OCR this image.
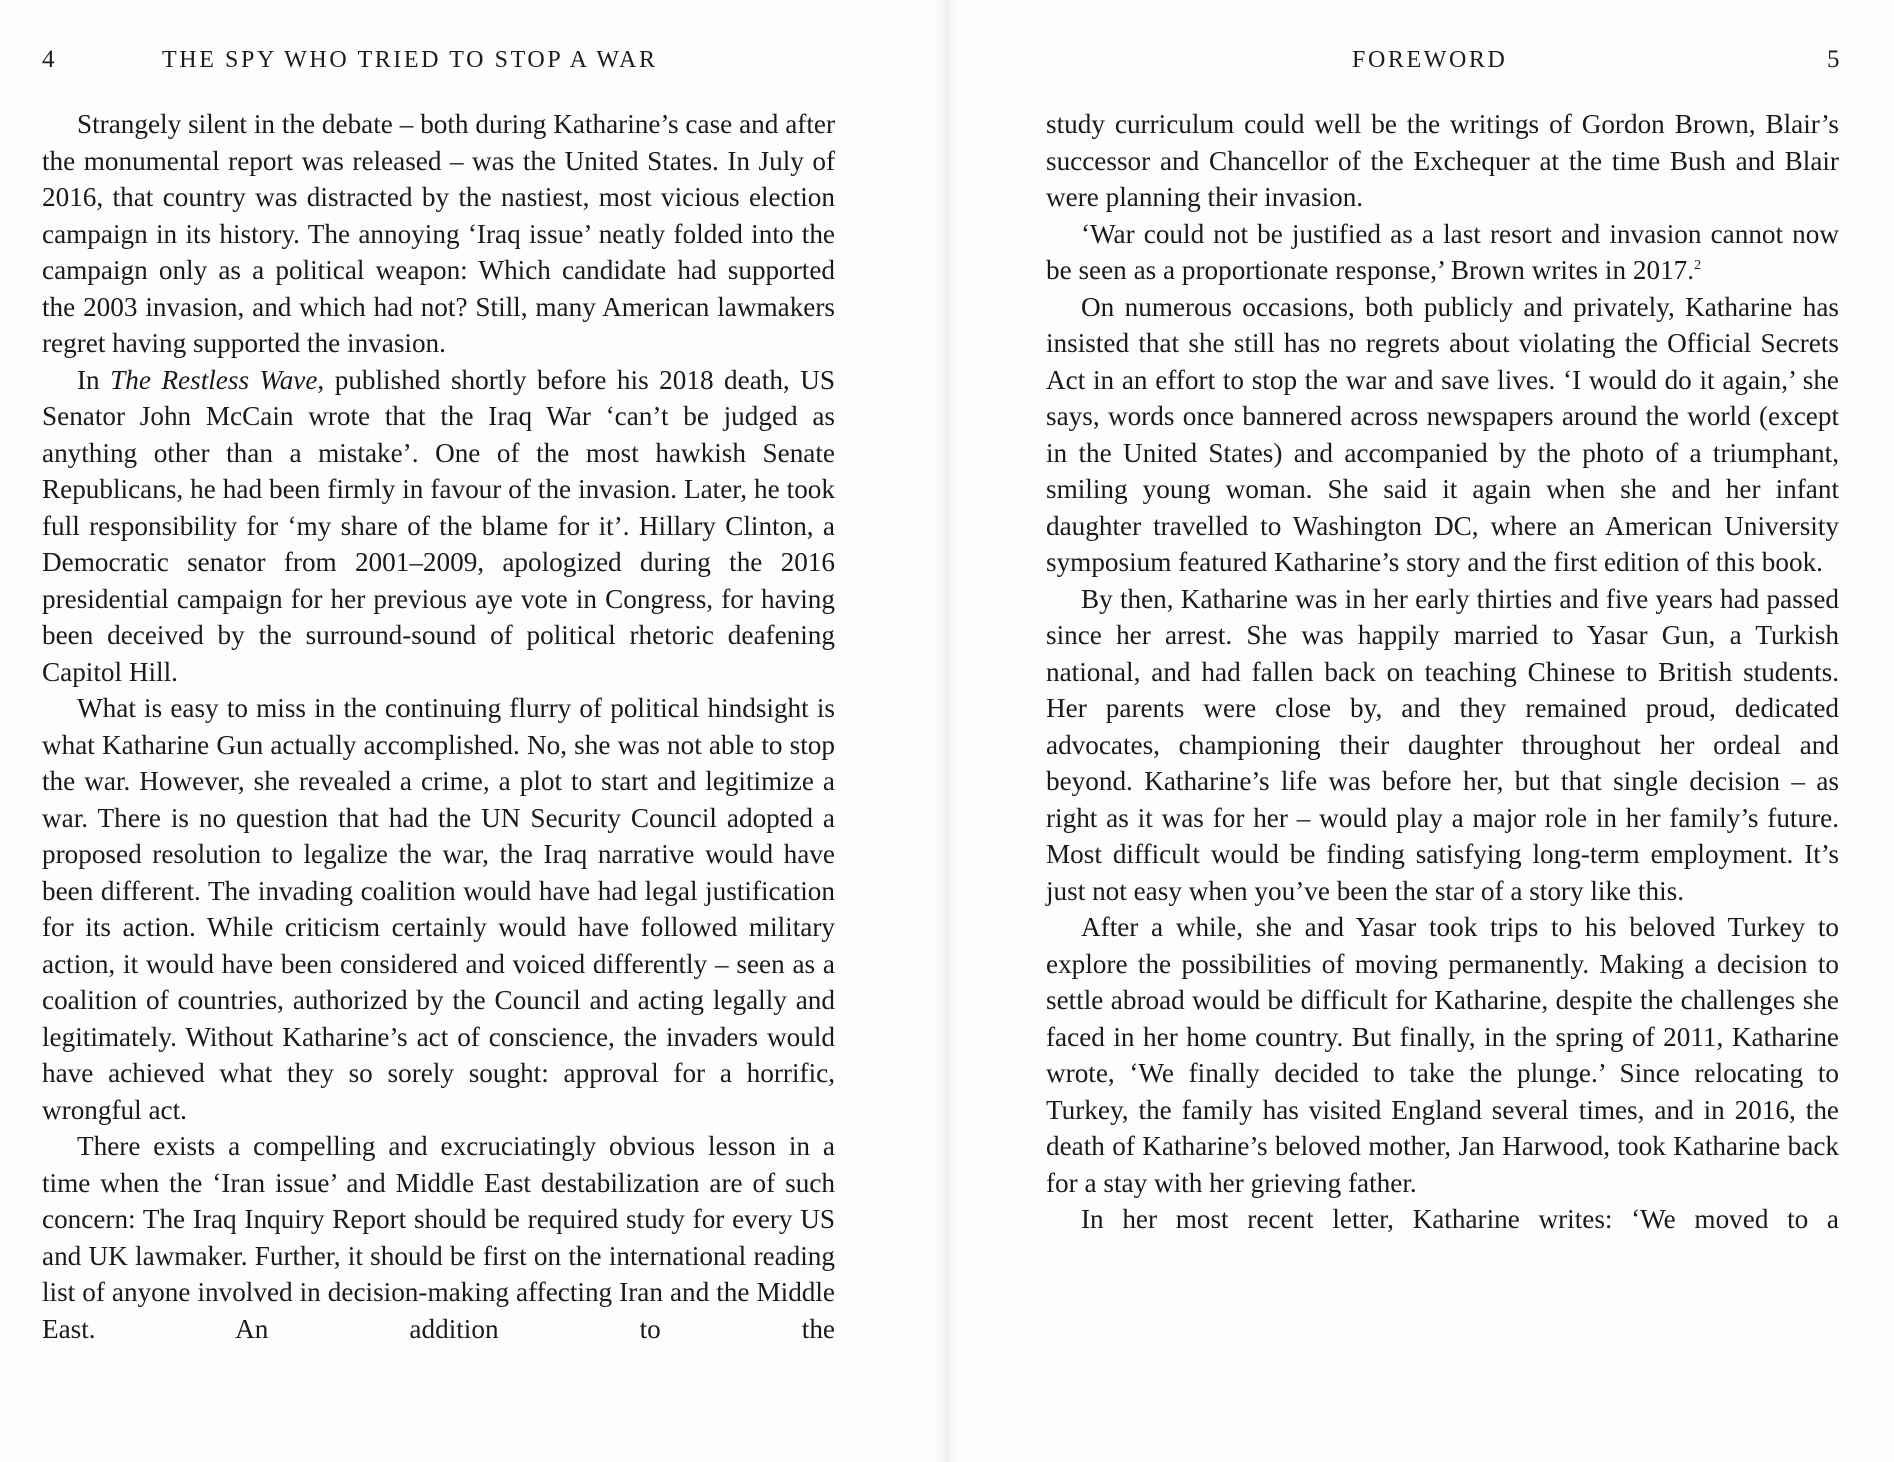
4	THE SPY WHO TRIED TO STOP A WAR

Strangely silent in the debate – both during Katharine’s case and after the monumental report was released – was the United States. In July of 2016, that country was distracted by the nastiest, most vicious election campaign in its history. The annoying ‘Iraq issue’ neatly folded into the campaign only as a political weapon: Which candidate had supported the 2003 invasion, and which had not? Still, many American lawmakers regret having supported the invasion.

In The Restless Wave, published shortly before his 2018 death, US Senator John McCain wrote that the Iraq War ‘can’t be judged as anything other than a mistake’. One of the most hawkish Senate Republicans, he had been firmly in favour of the invasion. Later, he took full responsibility for ‘my share of the blame for it’. Hillary Clinton, a Democratic senator from 2001–2009, apologized during the 2016 presidential campaign for her previous aye vote in Congress, for having been deceived by the surround-sound of political rhetoric deafening Capitol Hill.

What is easy to miss in the continuing flurry of political hindsight is what Katharine Gun actually accomplished. No, she was not able to stop the war. However, she revealed a crime, a plot to start and legitimize a war. There is no question that had the UN Security Council adopted a proposed resolution to legalize the war, the Iraq narrative would have been different. The invading coalition would have had legal justification for its action. While criticism certainly would have followed military action, it would have been considered and voiced differently – seen as a coalition of countries, authorized by the Council and acting legally and legitimately. Without Katharine’s act of conscience, the invaders would have achieved what they so sorely sought: approval for a horrific, wrongful act.

There exists a compelling and excruciatingly obvious lesson in a time when the ‘Iran issue’ and Middle East destabilization are of such concern: The Iraq Inquiry Report should be required study for every US and UK lawmaker. Further, it should be first on the international reading list of anyone involved in decision-making affecting Iran and the Middle East. An addition to the

FOREWORD	5

study curriculum could well be the writings of Gordon Brown, Blair’s successor and Chancellor of the Exchequer at the time Bush and Blair were planning their invasion.

‘War could not be justified as a last resort and invasion cannot now be seen as a proportionate response,’ Brown writes in 2017.$^2$

On numerous occasions, both publicly and privately, Katharine has insisted that she still has no regrets about violating the Official Secrets Act in an effort to stop the war and save lives. ‘I would do it again,’ she says, words once bannered across newspapers around the world (except in the United States) and accompanied by the photo of a triumphant, smiling young woman. She said it again when she and her infant daughter travelled to Washington DC, where an American University symposium featured Katharine’s story and the first edition of this book.

By then, Katharine was in her early thirties and five years had passed since her arrest. She was happily married to Yasar Gun, a Turkish national, and had fallen back on teaching Chinese to British students. Her parents were close by, and they remained proud, dedicated advocates, championing their daughter throughout her ordeal and beyond. Katharine’s life was before her, but that single decision – as right as it was for her – would play a major role in her family’s future. Most difficult would be finding satisfying long-term employment. It’s just not easy when you’ve been the star of a story like this.

After a while, she and Yasar took trips to his beloved Turkey to explore the possibilities of moving permanently. Making a decision to settle abroad would be difficult for Katharine, despite the challenges she faced in her home country. But finally, in the spring of 2011, Katharine wrote, ‘We finally decided to take the plunge.’ Since relocating to Turkey, the family has visited England several times, and in 2016, the death of Katharine’s beloved mother, Jan Harwood, took Katharine back for a stay with her grieving father.

In her most recent letter, Katharine writes: ‘We moved to a
